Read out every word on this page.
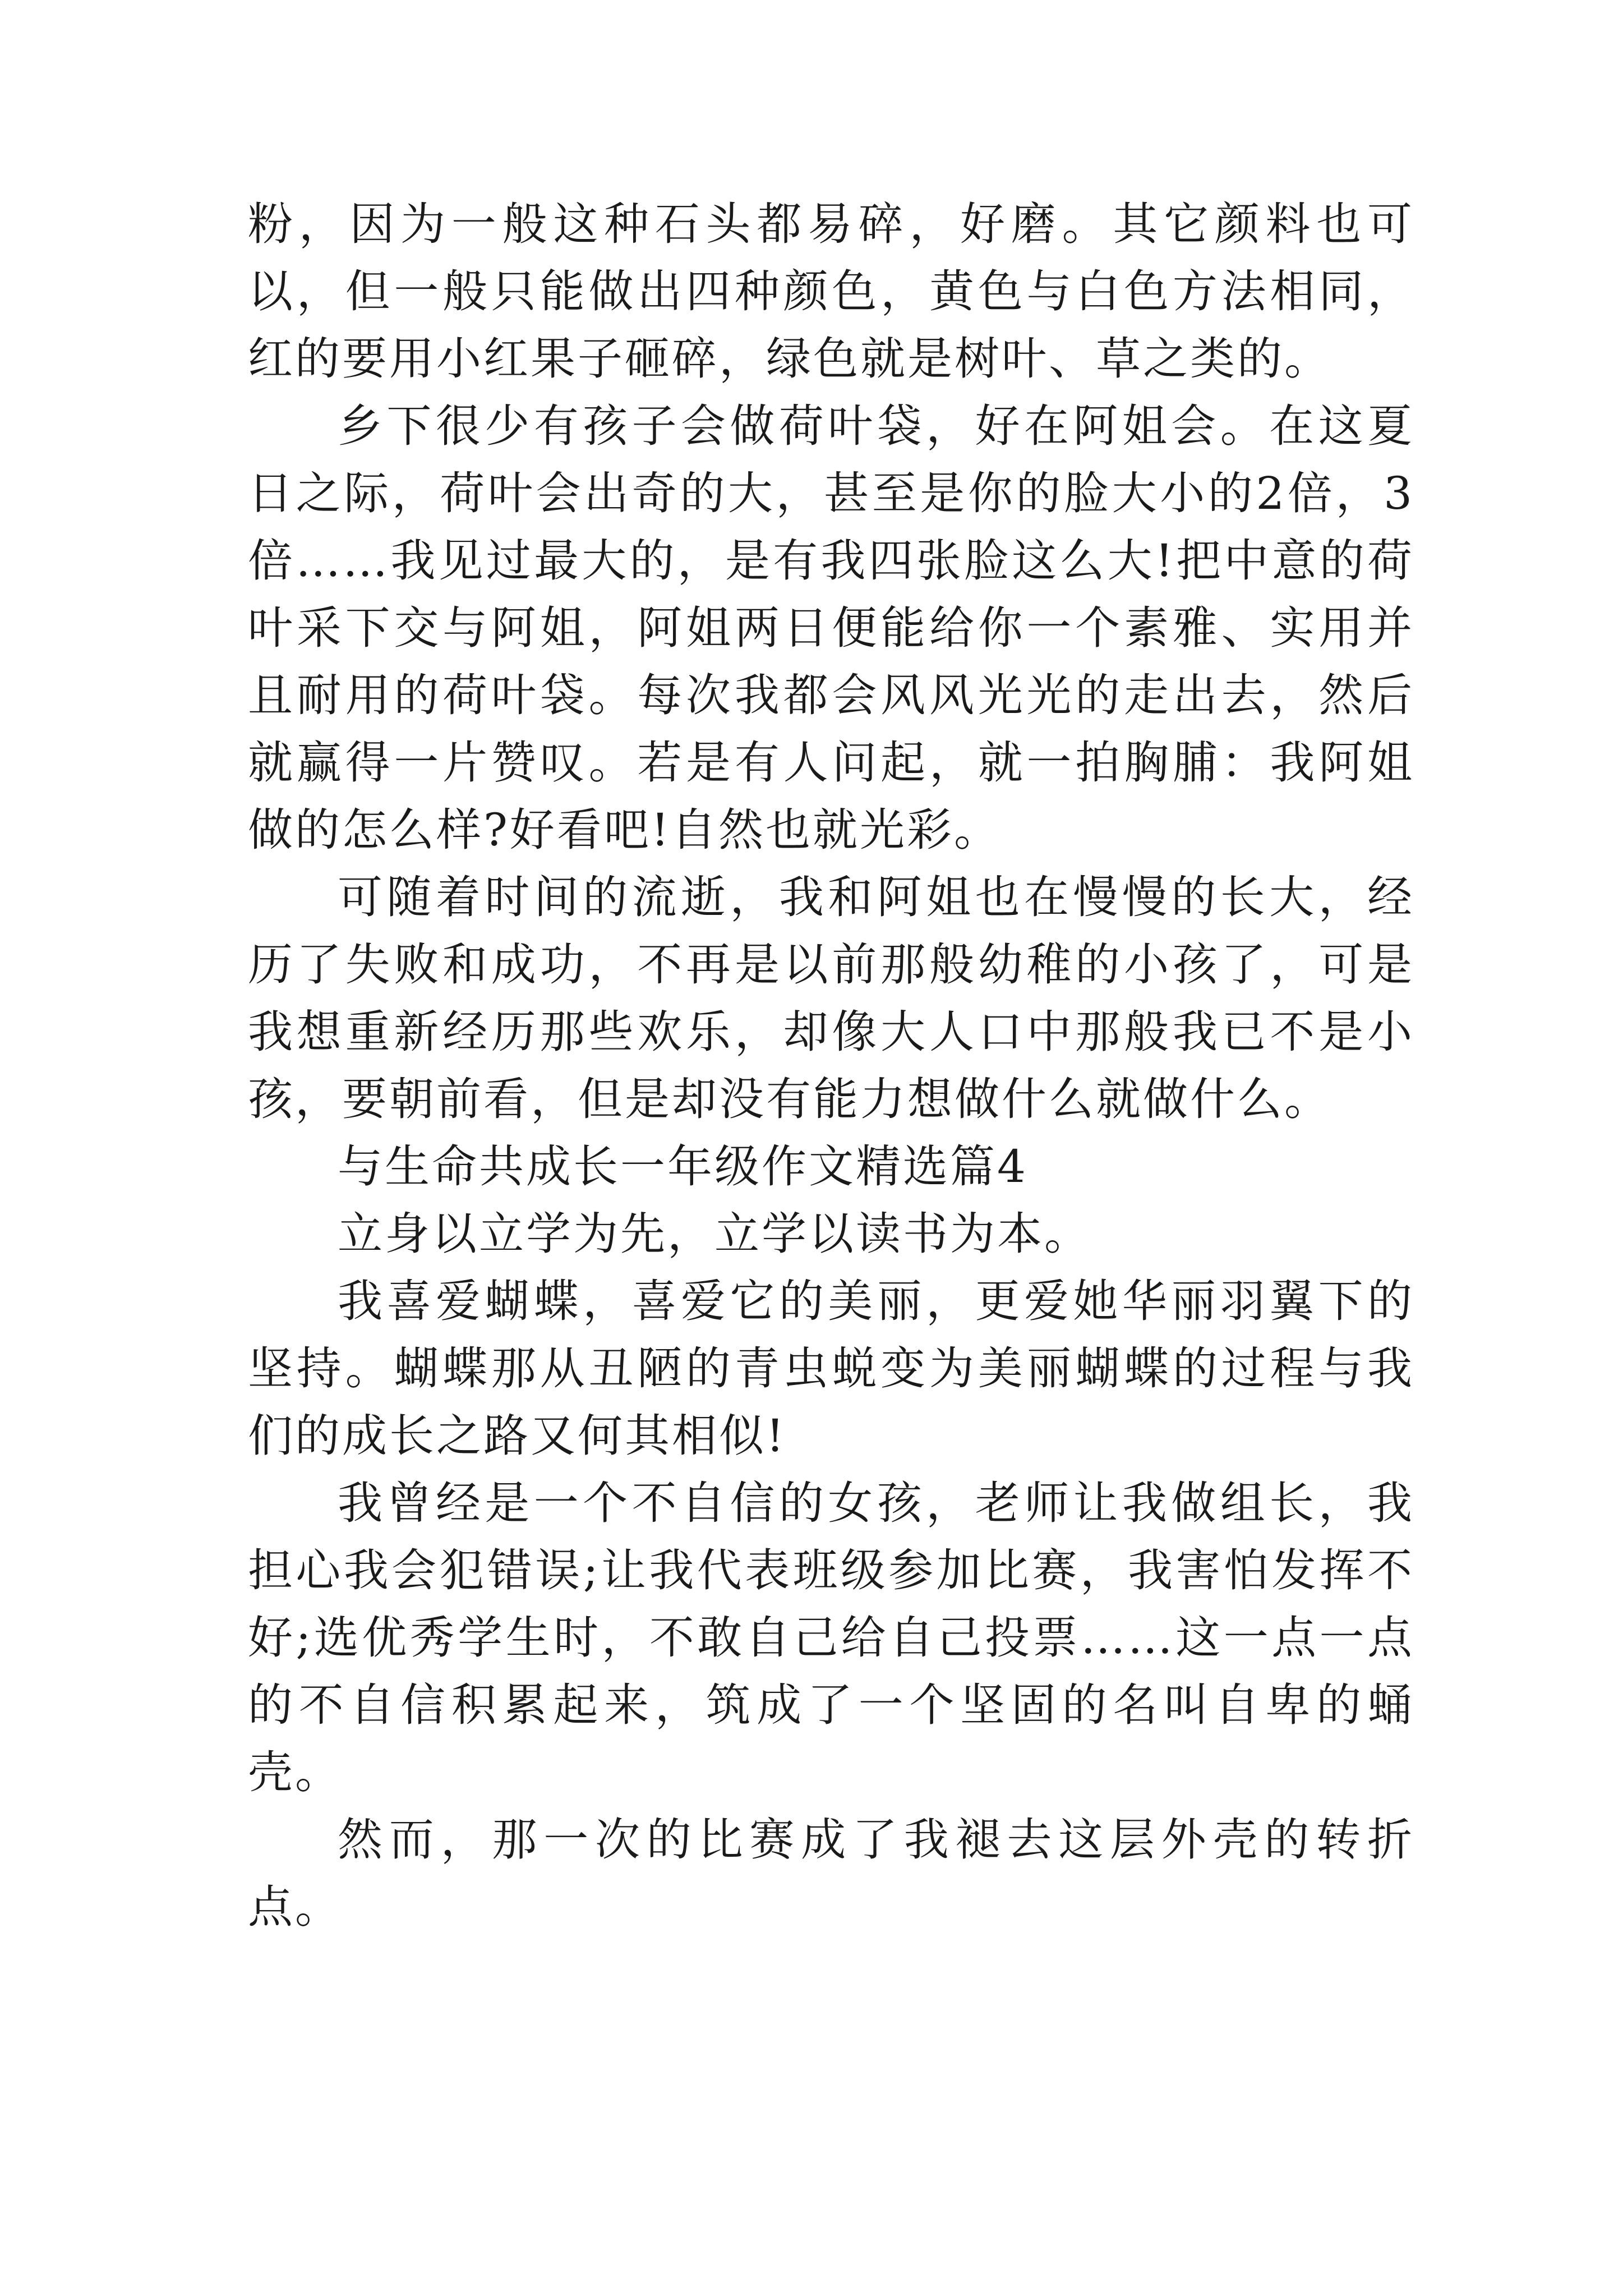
粉，因为一般这种石头都易碎，好磨。其它颜料也可以，但一般只能做出四种颜色，黄色与白色方法相同，红的要用小红果子砸碎，绿色就是树叶、草之类的。

乡下很少有孩子会做荷叶袋，好在阿姐会。在这夏日之际，荷叶会出奇的大，甚至是你的脸大小的2倍，3倍……我见过最大的，是有我四张脸这么大!把中意的荷叶采下交与阿姐，阿姐两日便能给你一个素雅、实用并且耐用的荷叶袋。每次我都会风风光光的走出去，然后就赢得一片赞叹。若是有人问起，就一拍胸脯：我阿姐做的怎么样?好看吧!自然也就光彩。

可随着时间的流逝，我和阿姐也在慢慢的长大，经历了失败和成功，不再是以前那般幼稚的小孩了，可是我想重新经历那些欢乐，却像大人口中那般我已不是小孩，要朝前看，但是却没有能力想做什么就做什么。

与生命共成长一年级作文精选篇4

立身以立学为先，立学以读书为本。

我喜爱蝴蝶，喜爱它的美丽，更爱她华丽羽翼下的坚持。蝴蝶那从丑陋的青虫蜕变为美丽蝴蝶的过程与我们的成长之路又何其相似!

我曾经是一个不自信的女孩，老师让我做组长，我担心我会犯错误;让我代表班级参加比赛，我害怕发挥不好;选优秀学生时，不敢自己给自己投票……这一点一点的不自信积累起来，筑成了一个坚固的名叫自卑的蛹壳。

然而，那一次的比赛成了我褪去这层外壳的转折点。
